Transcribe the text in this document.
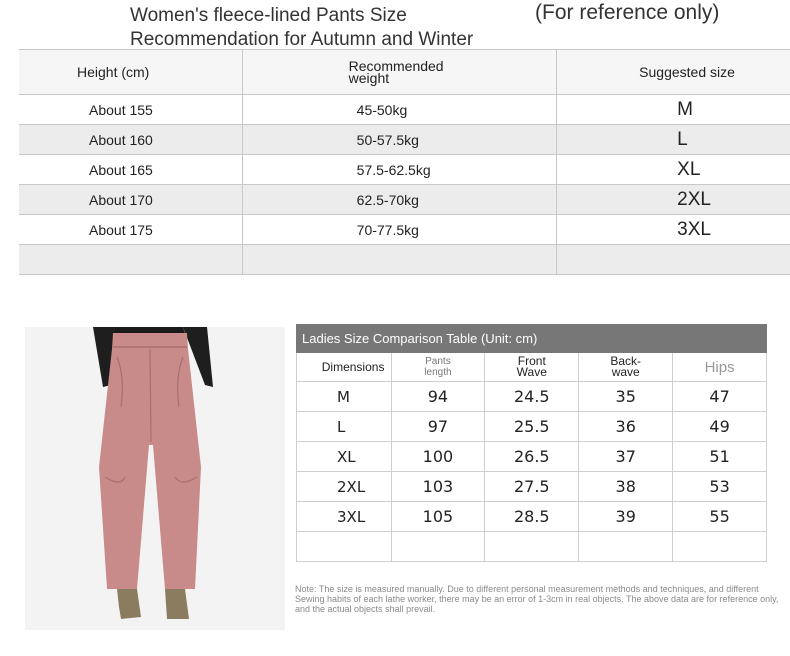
Women's fleece-lined Pants Size Recommendation for Autumn and Winter
(For reference only)
Height (cm)	Recommended weight	Suggested size
About 155	45-50kg	M
About 160	50-57.5kg	L
About 165	57.5-62.5kg	XL
About 170	62.5-70kg	2XL
About 175	70-77.5kg	3XL

Ladies Size Comparison Table (Unit: cm)				

Dimensions	Pants length	Front Wave	Back-wave	Hips
M	94	24.5	35	47
L	97	25.5	36	49
XL	100	26.5	37	51
2XL	103	27.5	38	53
3XL	105	28.5	39	55

Note: The size is measured manually. Due to different personal measurement methods and techniques, and different Sewing habits of each lathe worker, there may be an error of 1-3cm in real objects. The above data are for reference only, and the actual objects shall prevail.
